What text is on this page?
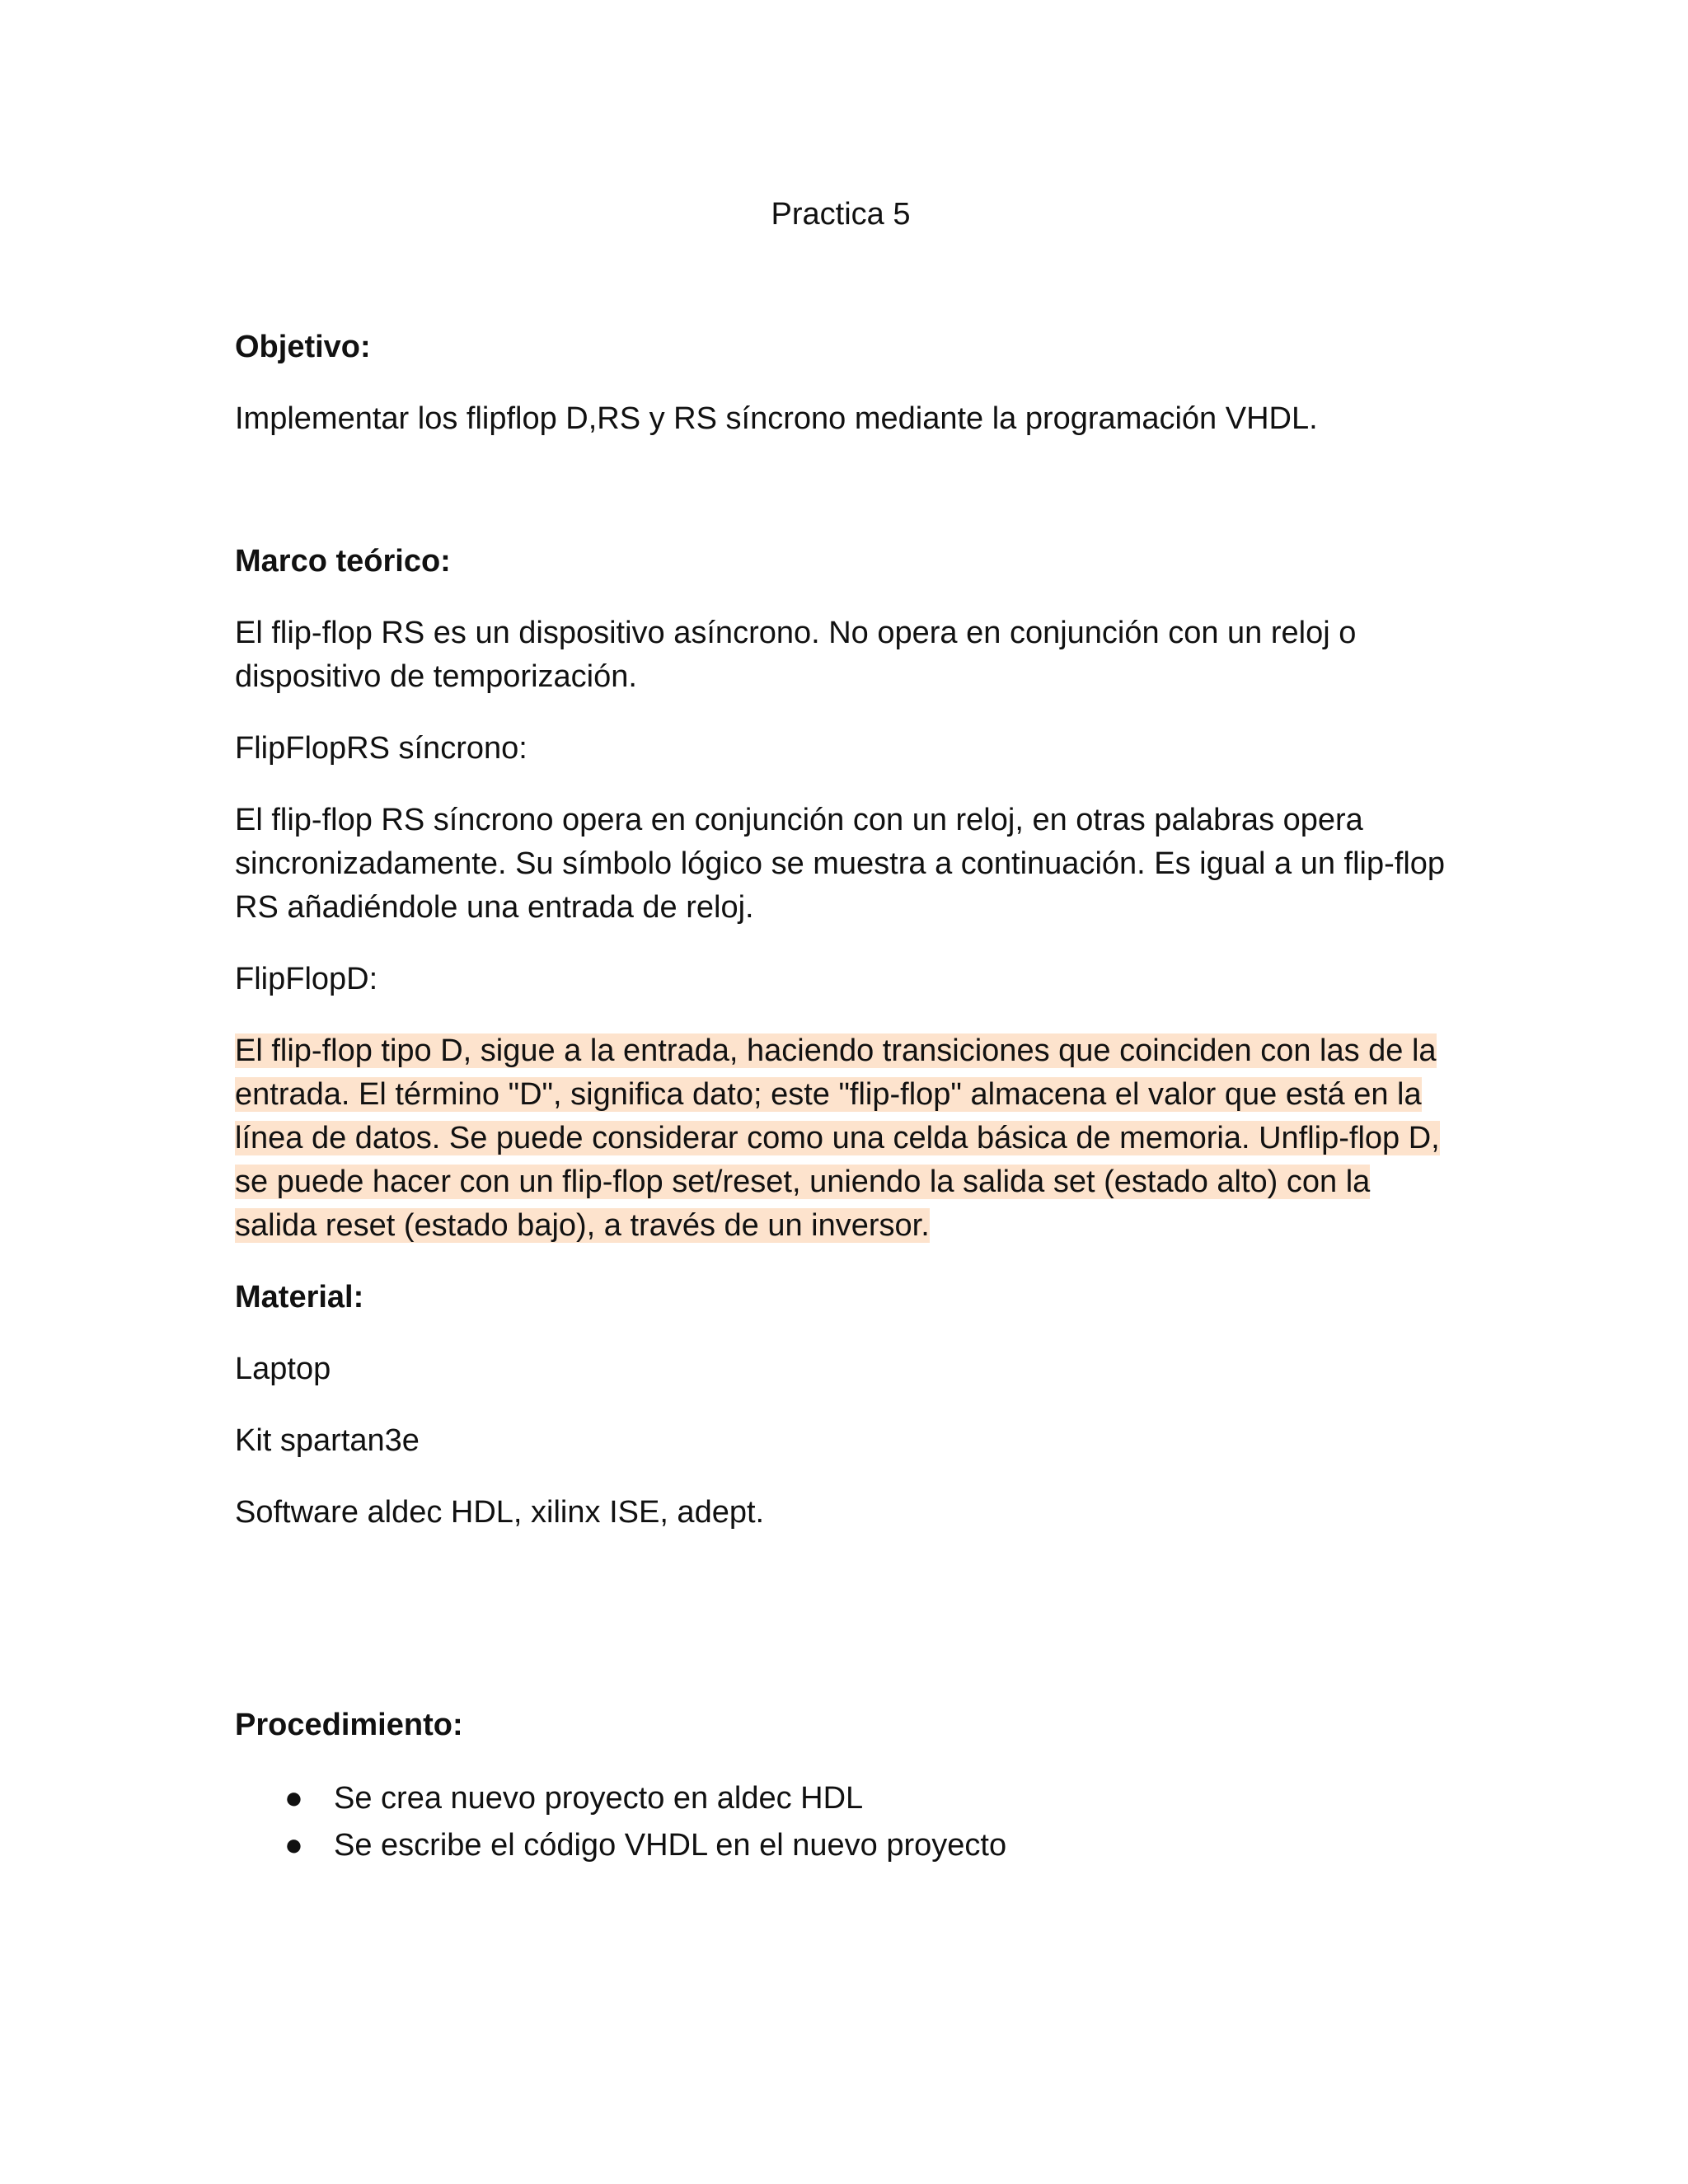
Practica 5
Objetivo:

Implementar los flipflop D,RS y RS síncrono mediante la programación VHDL.

Marco teórico:

El flip-flop RS es un dispositivo asíncrono. No opera en conjunción con un reloj o dispositivo de temporización.

FlipFlopRS síncrono:

El flip-flop RS síncrono opera en conjunción con un reloj, en otras palabras opera sincronizadamente. Su símbolo lógico se muestra a continuación. Es igual a un flip-flop RS añadiéndole una entrada de reloj.

FlipFlopD:

El flip-flop tipo D, sigue a la entrada, haciendo transiciones que coinciden con las de la entrada. El término "D", significa dato; este "flip-flop" almacena el valor que está en la línea de datos. Se puede considerar como una celda básica de memoria. Unflip-flop D, se puede hacer con un flip-flop set/reset, uniendo la salida set (estado alto) con la salida reset (estado bajo), a través de un inversor.

Material:

Laptop

Kit spartan3e

Software aldec HDL, xilinx ISE, adept.

Procedimiento:
● Se crea nuevo proyecto en aldec HDL
● Se escribe el código VHDL en el nuevo proyecto
